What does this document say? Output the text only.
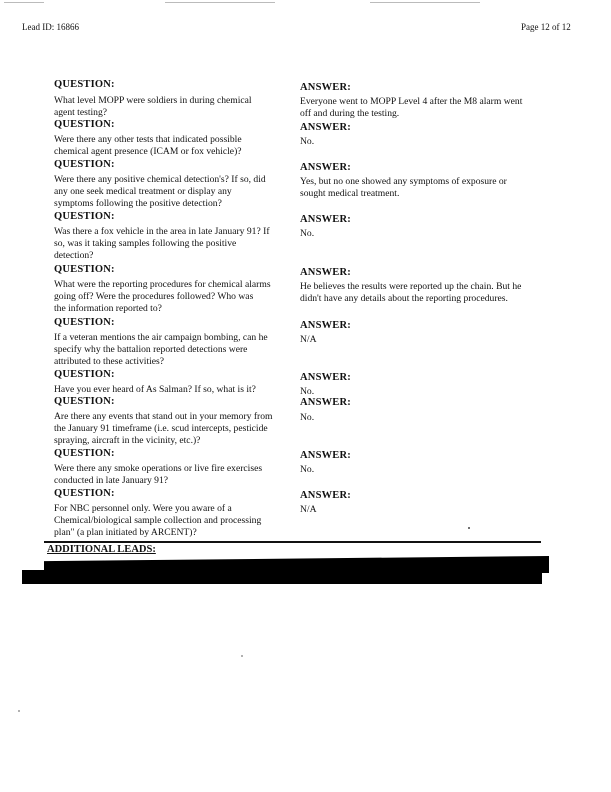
Lead ID: 16866	Page 12 of 12
QUESTION:
What level MOPP were soldiers in during chemical
agent testing?
ANSWER:
Everyone went to MOPP Level 4 after the M8 alarm went
off and during the testing.
QUESTION:
Were there any other tests that indicated possible
chemical agent presence (ICAM or fox vehicle)?
ANSWER:
No.
QUESTION:
Were there any positive chemical detection's? If so, did
any one seek medical treatment or display any
symptoms following the positive detection?
ANSWER:
Yes, but no one showed any symptoms of exposure or
sought medical treatment.
QUESTION:
Was there a fox vehicle in the area in late January 91? If
so, was it taking samples following the positive
detection?
ANSWER:
No.
QUESTION:
What were the reporting procedures for chemical alarms
going off? Were the procedures followed? Who was
the information reported to?
ANSWER:
He believes the results were reported up the chain. But he
didn't have any details about the reporting procedures.
QUESTION:
If a veteran mentions the air campaign bombing, can he
specify why the battalion reported detections were
attributed to these activities?
ANSWER:
N/A
QUESTION:
Have you ever heard of As Salman? If so, what is it?
ANSWER:
No.
QUESTION:
Are there any events that stand out in your memory from
the January 91 timeframe (i.e. scud intercepts, pesticide
spraying, aircraft in the vicinity, etc.)?
ANSWER:
No.
QUESTION:
Were there any smoke operations or live fire exercises
conducted in late January 91?
ANSWER:
No.
QUESTION:
For NBC personnel only. Were you aware of a
Chemical/biological sample collection and processing
plan" (a plan initiated by ARCENT)?
ANSWER:
N/A
ADDITIONAL LEADS:
